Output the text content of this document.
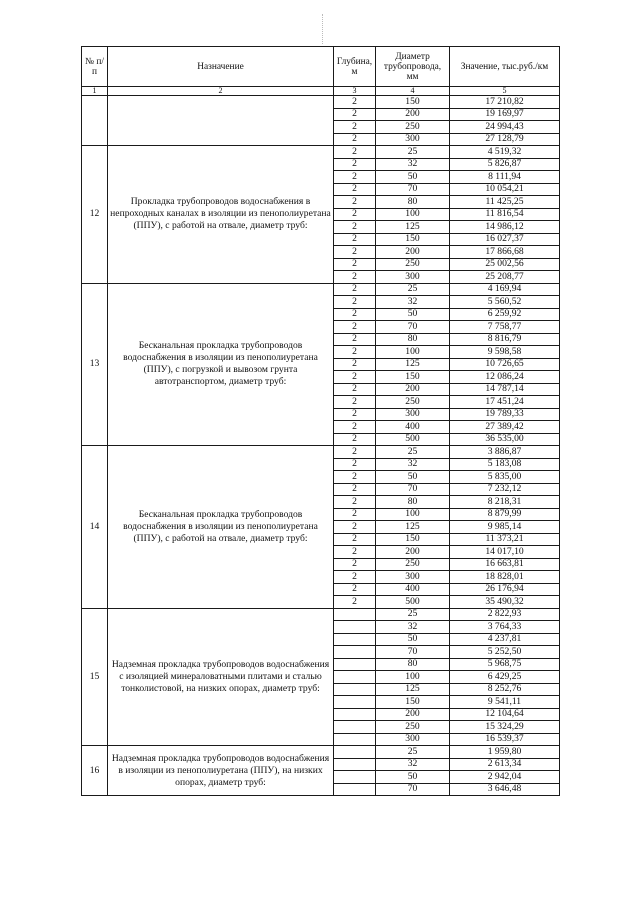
№ п/п	Назначение	Глубина, м	Диаметр трубопровода, мм	Значение, тыс.руб./км
1	2	3	4	5
		2	150	17 210,82
		2	200	19 169,97
		2	250	24 994,43
		2	300	27 128,79
12	Прокладка трубопроводов водоснабжения в непроходных каналах в изоляции из пенополиуретана (ППУ), с работой на отвале, диаметр труб:	2	25	4 519,32
		2	32	5 826,87
		2	50	8 111,94
		2	70	10 054,21
		2	80	11 425,25
		2	100	11 816,54
		2	125	14 986,12
		2	150	16 027,37
		2	200	17 866,68
		2	250	25 002,56
		2	300	25 208,77
13	Бесканальная прокладка трубопроводов водоснабжения в изоляции из пенополиуретана (ППУ), с погрузкой и вывозом грунта автотранспортом, диаметр труб:	2	25	4 169,94
		2	32	5 560,52
		2	50	6 259,92
		2	70	7 758,77
		2	80	8 816,79
		2	100	9 598,58
		2	125	10 726,65
		2	150	12 086,24
		2	200	14 787,14
		2	250	17 451,24
		2	300	19 789,33
		2	400	27 389,42
		2	500	36 535,00
14	Бесканальная прокладка трубопроводов водоснабжения в изоляции из пенополиуретана (ППУ), с работой на отвале, диаметр труб:	2	25	3 886,87
		2	32	5 183,08
		2	50	5 835,00
		2	70	7 232,12
		2	80	8 218,31
		2	100	8 879,99
		2	125	9 985,14
		2	150	11 373,21
		2	200	14 017,10
		2	250	16 663,81
		2	300	18 828,01
		2	400	26 176,94
		2	500	35 490,32
15	Надземная прокладка трубопроводов водоснабжения с изоляцией минераловатными плитами и сталью тонколистовой, на низких опорах, диаметр труб:		25	2 822,93
			32	3 764,33
			50	4 237,81
			70	5 252,50
			80	5 968,75
			100	6 429,25
			125	8 252,76
			150	9 541,11
			200	12 104,64
			250	15 324,29
			300	16 539,37
16	Надземная прокладка трубопроводов водоснабжения в изоляции из пенополиуретана (ППУ), на низких опорах, диаметр труб:		25	1 959,80
			32	2 613,34
			50	2 942,04
			70	3 646,48
